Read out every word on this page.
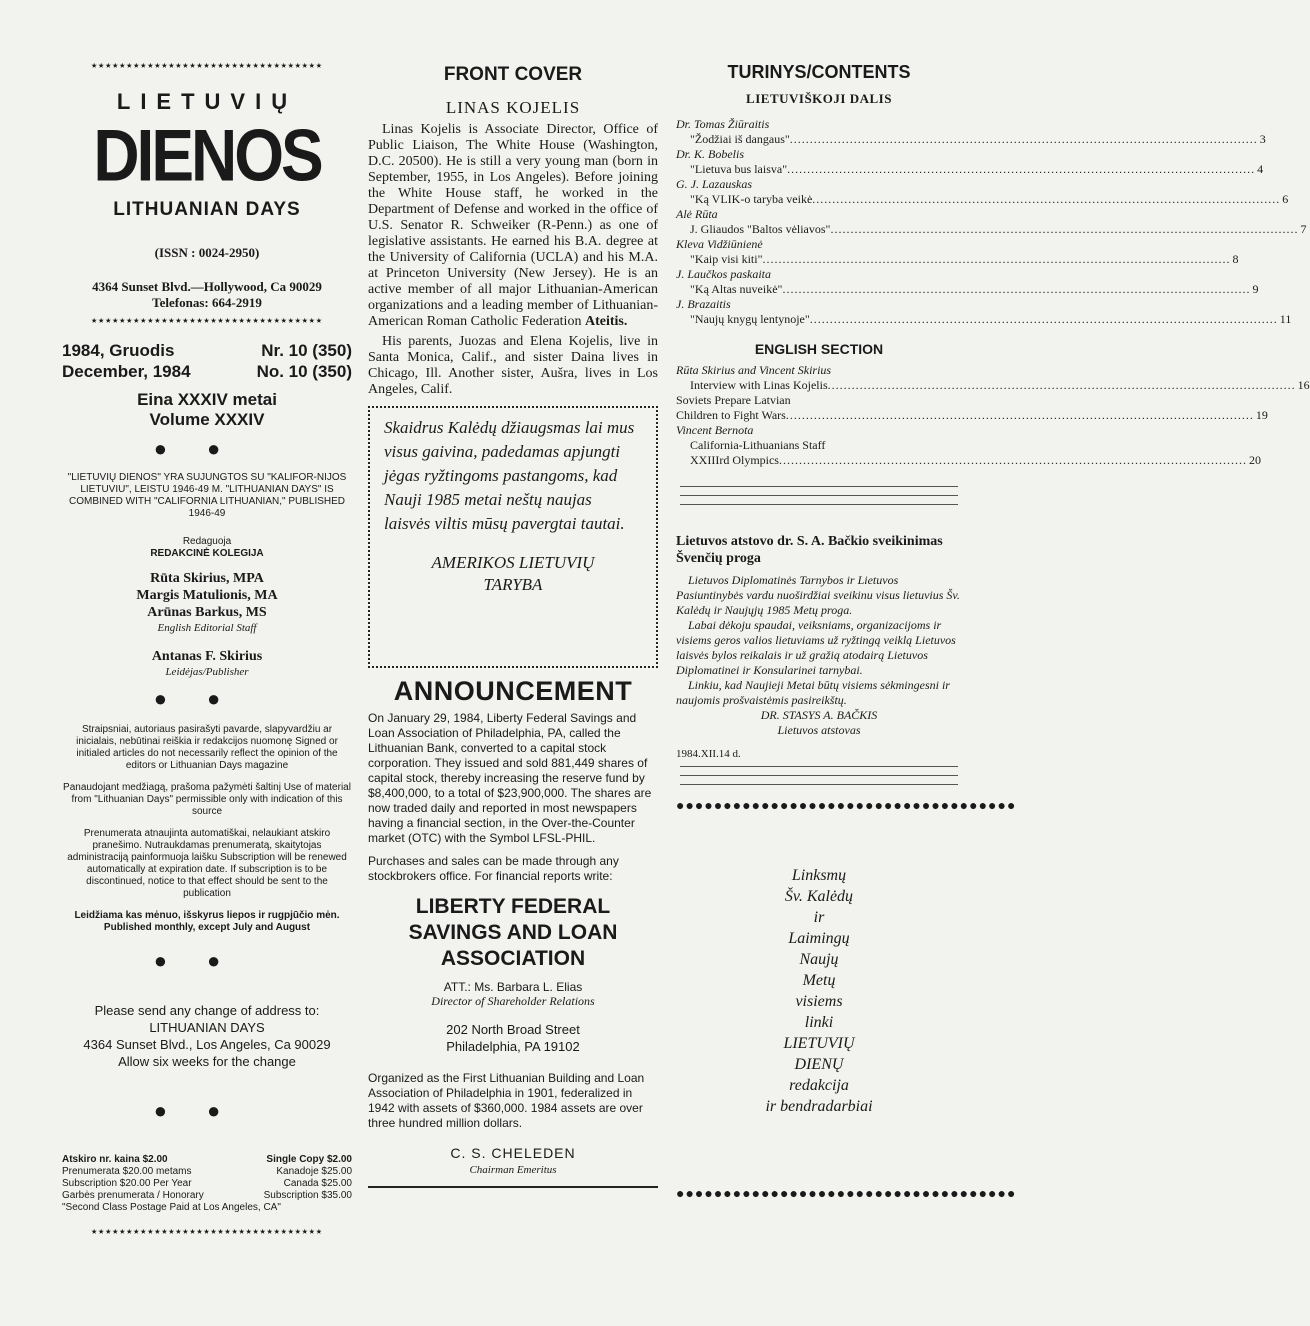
★★★★★★★★★★★★★★★★★★★★★★★★★★★★★★★★★
LIETUVIŲ
DIENOS
LITHUANIAN DAYS
(ISSN : 0024-2950)
4364 Sunset Blvd.—Hollywood, Ca 90029
Telefonas: 664-2919
★★★★★★★★★★★★★★★★★★★★★★★★★★★★★★★★★
1984, Gruodis	Nr. 10 (350)
December, 1984	No. 10 (350)
Eina XXXIV metai
Volume XXXIV
●●
"LIETUVIŲ DIENOS" YRA SUJUNGTOS SU "KALIFOR-NIJOS LIETUVIU", LEISTU 1946-49 M. "LITHUANIAN DAYS" IS COMBINED WITH "CALIFORNIA LITHUANIAN," PUBLISHED 1946-49
Redaguoja
REDAKCINĖ KOLEGIJA
Rūta Skirius, MPA
Margis Matulionis, MA
Arūnas Barkus, MS
English Editorial Staff
Antanas F. Skirius
Leidėjas/Publisher
●●
Straipsniai, autoriaus pasirašyti pavarde, slapyvardžiu ar inicialais, nebūtinai reiškia ir redakcijos nuomonę Signed or initialed articles do not necessarily reflect the opinion of the editors or Lithuanian Days magazine
Panaudojant medžiagą, prašoma pažymėti šaltinį Use of material from "Lithuanian Days" permissible only with indication of this source
Prenumerata atnaujinta automatiškai, nelaukiant atskiro pranešimo. Nutraukdamas prenumeratą, skaitytojas administraciją painformuoja laišku Subscription will be renewed automatically at expiration date. If subscription is to be discontinued, notice to that effect should be sent to the publication
Leidžiama kas mėnuo, išskyrus liepos ir rugpjūčio mėn.
Published monthly, except July and August
●●
Please send any change of address to:
LITHUANIAN DAYS
4364 Sunset Blvd., Los Angeles, Ca 90029
Allow six weeks for the change
●●
Atskiro nr. kaina $2.00	Single Copy $2.00
Prenumerata $20.00 metams	Kanadoje $25.00
Subscription $20.00 Per Year	Canada $25.00
Garbės prenumerata / Honorary	Subscription $35.00
"Second Class Postage Paid at Los Angeles, CA"
★★★★★★★★★★★★★★★★★★★★★★★★★★★★★★★★★
FRONT COVER
LINAS KOJELIS

Linas Kojelis is Associate Director, Office of Public Liaison, The White House (Washington, D.C. 20500). He is still a very young man (born in September, 1955, in Los Angeles). Before joining the White House staff, he worked in the Department of Defense and worked in the office of U.S. Senator R. Schweiker (R-Penn.) as one of legislative assistants. He earned his B.A. degree at the University of California (UCLA) and his M.A. at Princeton University (New Jersey). He is an active member of all major Lithuanian-American organizations and a leading member of Lithuanian-American Roman Catholic Federation Ateitis.

His parents, Juozas and Elena Kojelis, live in Santa Monica, Calif., and sister Daina lives in Chicago, Ill. Another sister, Aušra, lives in Los Angeles, Calif.

Skaidrus Kalėdų džiaugsmas lai mus visus gaivina, padedamas apjungti jėgas ryžtingoms pastangoms, kad Nauji 1985 metai neštų naujas laisvės viltis mūsų pavergtai tautai.
AMERIKOS LIETUVIŲ
TARYBA
ANNOUNCEMENT

On January 29, 1984, Liberty Federal Savings and Loan Association of Philadelphia, PA, called the Lithuanian Bank, converted to a capital stock corporation. They issued and sold 881,449 shares of capital stock, thereby increasing the reserve fund by $8,400,000, to a total of $23,900,000. The shares are now traded daily and reported in most newspapers having a financial section, in the Over-the-Counter market (OTC) with the Symbol LFSL-PHIL.

Purchases and sales can be made through any stockbrokers office. For financial reports write:

LIBERTY FEDERAL
SAVINGS AND LOAN
ASSOCIATION
ATT.: Ms. Barbara L. Elias
Director of Shareholder Relations
202 North Broad Street
Philadelphia, PA 19102

Organized as the First Lithuanian Building and Loan Association of Philadelphia in 1901, federalized in 1942 with assets of $360,000. 1984 assets are over three hundred million dollars.

C. S. CHELEDEN
Chairman Emeritus
TURINYS/CONTENTS
LIETUVIŠKOJI DALIS
Dr. Tomas Žiūraitis
"Žodžiai iš dangaus" .....	3
Dr. K. Bobelis
"Lietuva bus laisva" .....	4
G. J. Lazauskas
"Ką VLIK-o taryba veikė .....	6
Alė Rūta
J. Gliaudos "Baltos vėliavos" .....	7
Kleva Vidžiūnienė
"Kaip visi kiti" .....	8
J. Laučkos paskaita
"Ką Altas nuveikė" .....	9
J. Brazaitis
"Naujų knygų lentynoje" .....	11
ENGLISH SECTION
Rūta Skirius and Vincent Skirius
Interview with Linas Kojelis .....	16
Soviets Prepare Latvian
Children to Fight Wars .....	19
Vincent Bernota
California-Lithuanians Staff
XXIIIrd Olympics .....	20
Lietuvos atstovo dr. S. A. Bačkio sveikinimas Švenčių proga

Lietuvos Diplomatinės Tarnybos ir Lietuvos Pasiuntinybės vardu nuoširdžiai sveikinu visus lietuvius Šv. Kalėdų ir Naujųjų 1985 Metų proga.

Labai dėkoju spaudai, veiksniams, organizacijoms ir visiems geros valios lietuviams už ryžtingą veiklą Lietuvos laisvės bylos reikalais ir už gražią atodairą Lietuvos Diplomatinei ir Konsularinei tarnybai.

Linkiu, kad Naujieji Metai būtų visiems sėkmingesni ir naujomis prošvaistėmis pasireikštų.

DR. STASYS A. BAČKIS
Lietuvos atstovas
1984.XII.14 d.
●●●●●●●●●●●●●●●●●●●●●●●●●●●●●●●●●●●●
Linksmų
Šv. Kalėdų
ir
Laimingų
Naujų
Metų
visiems
linki
LIETUVIŲ
DIENŲ
redakcija
ir bendradarbiai
●●●●●●●●●●●●●●●●●●●●●●●●●●●●●●●●●●●●
